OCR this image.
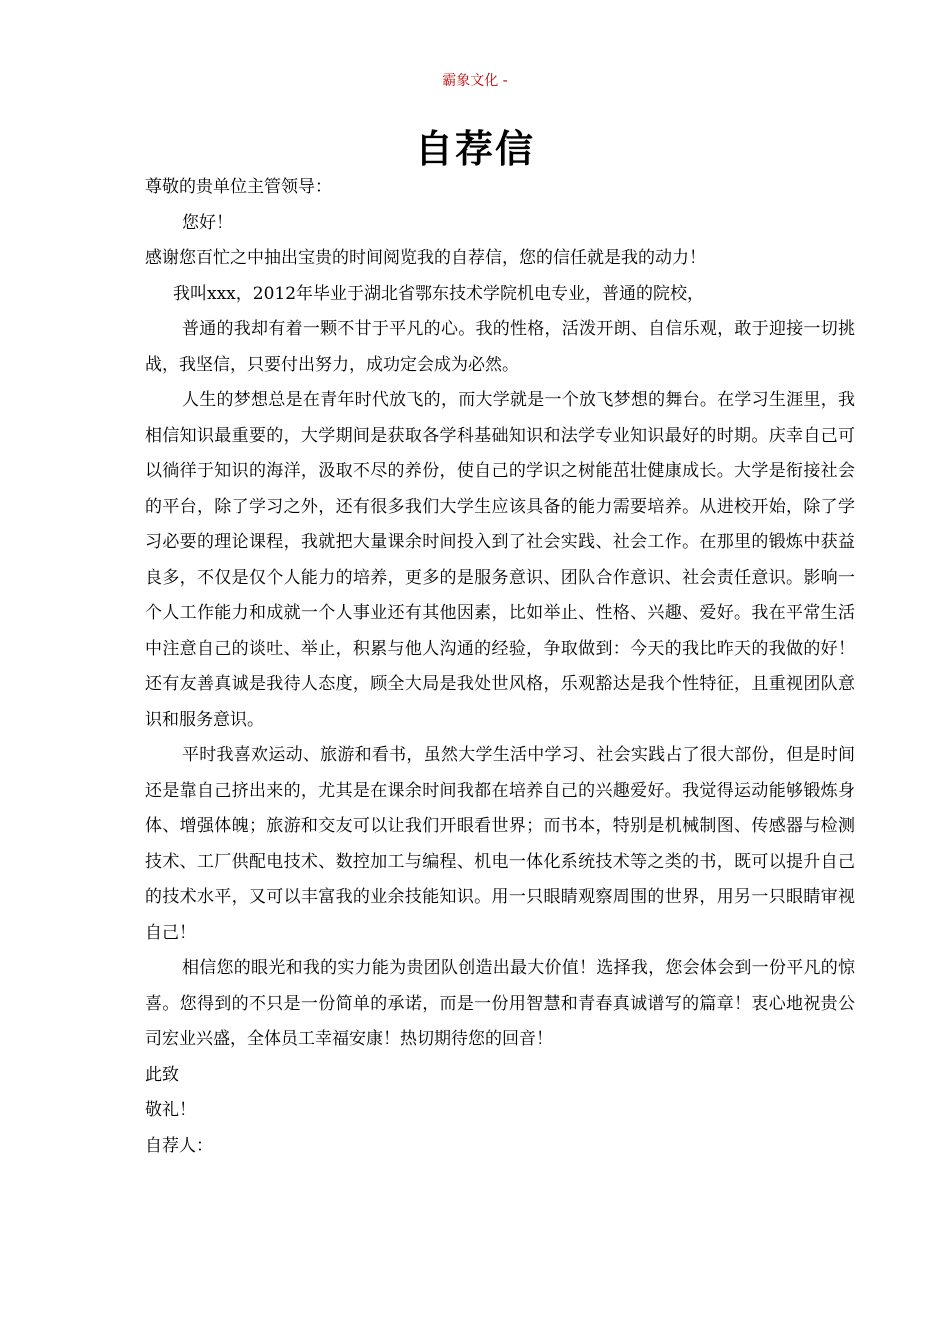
霸象文化 -
自荐信
尊敬的贵单位主管领导：
您好！
感谢您百忙之中抽出宝贵的时间阅览我的自荐信，您的信任就是我的动力！
我叫xxx，2012年毕业于湖北省鄂东技术学院机电专业，普通的院校，
普通的我却有着一颗不甘于平凡的心。我的性格，活泼开朗、自信乐观，敢于迎接一切挑战，我坚信，只要付出努力，成功定会成为必然。
人生的梦想总是在青年时代放飞的，而大学就是一个放飞梦想的舞台。在学习生涯里，我相信知识最重要的，大学期间是获取各学科基础知识和法学专业知识最好的时期。庆幸自己可以徜徉于知识的海洋，汲取不尽的养份，使自己的学识之树能茁壮健康成长。大学是衔接社会的平台，除了学习之外，还有很多我们大学生应该具备的能力需要培养。从进校开始，除了学习必要的理论课程，我就把大量课余时间投入到了社会实践、社会工作。在那里的锻炼中获益良多，不仅是仅个人能力的培养，更多的是服务意识、团队合作意识、社会责任意识。影响一个人工作能力和成就一个人事业还有其他因素，比如举止、性格、兴趣、爱好。我在平常生活中注意自己的谈吐、举止，积累与他人沟通的经验，争取做到：今天的我比昨天的我做的好！还有友善真诚是我待人态度，顾全大局是我处世风格，乐观豁达是我个性特征，且重视团队意识和服务意识。
平时我喜欢运动、旅游和看书，虽然大学生活中学习、社会实践占了很大部份，但是时间还是靠自己挤出来的，尤其是在课余时间我都在培养自己的兴趣爱好。我觉得运动能够锻炼身体、增强体魄；旅游和交友可以让我们开眼看世界；而书本，特别是机械制图、传感器与检测技术、工厂供配电技术、数控加工与编程、机电一体化系统技术等之类的书，既可以提升自己的技术水平，又可以丰富我的业余技能知识。用一只眼睛观察周围的世界，用另一只眼睛审视自己！
相信您的眼光和我的实力能为贵团队创造出最大价值！选择我，您会体会到一份平凡的惊喜。您得到的不只是一份简单的承诺，而是一份用智慧和青春真诚谱写的篇章！衷心地祝贵公司宏业兴盛，全体员工幸福安康！热切期待您的回音！
此致
敬礼！
自荐人：
